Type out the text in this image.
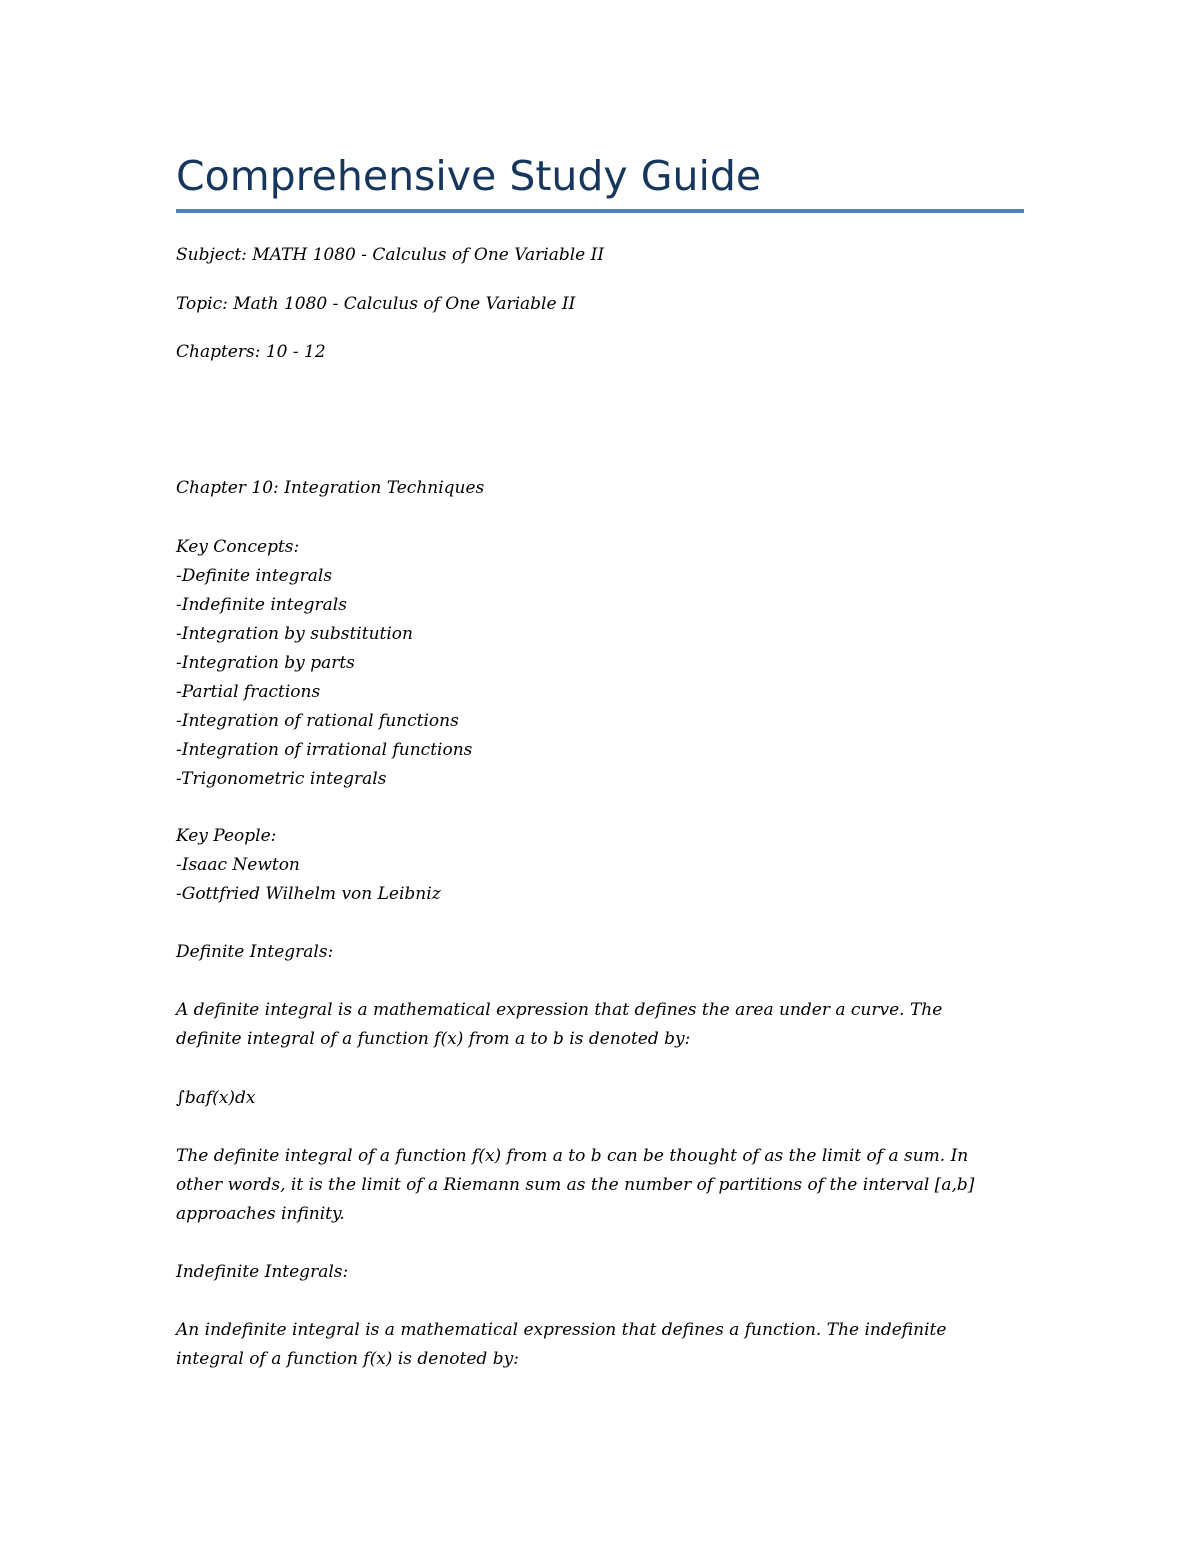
Comprehensive Study Guide

Subject: MATH 1080 - Calculus of One Variable II

Topic: Math 1080 - Calculus of One Variable II

Chapters: 10 - 12

Chapter 10: Integration Techniques

Key Concepts:
-Definite integrals
-Indefinite integrals
-Integration by substitution
-Integration by parts
-Partial fractions
-Integration of rational functions
-Integration of irrational functions
-Trigonometric integrals
Key People:
-Isaac Newton
-Gottfried Wilhelm von Leibniz

Definite Integrals:

A definite integral is a mathematical expression that defines the area under a curve. The
definite integral of a function f(x) from a to b is denoted by:

∫baf(x)dx

The definite integral of a function f(x) from a to b can be thought of as the limit of a sum. In
other words, it is the limit of a Riemann sum as the number of partitions of the interval [a,b]
approaches infinity.

Indefinite Integrals:

An indefinite integral is a mathematical expression that defines a function. The indefinite
integral of a function f(x) is denoted by:
